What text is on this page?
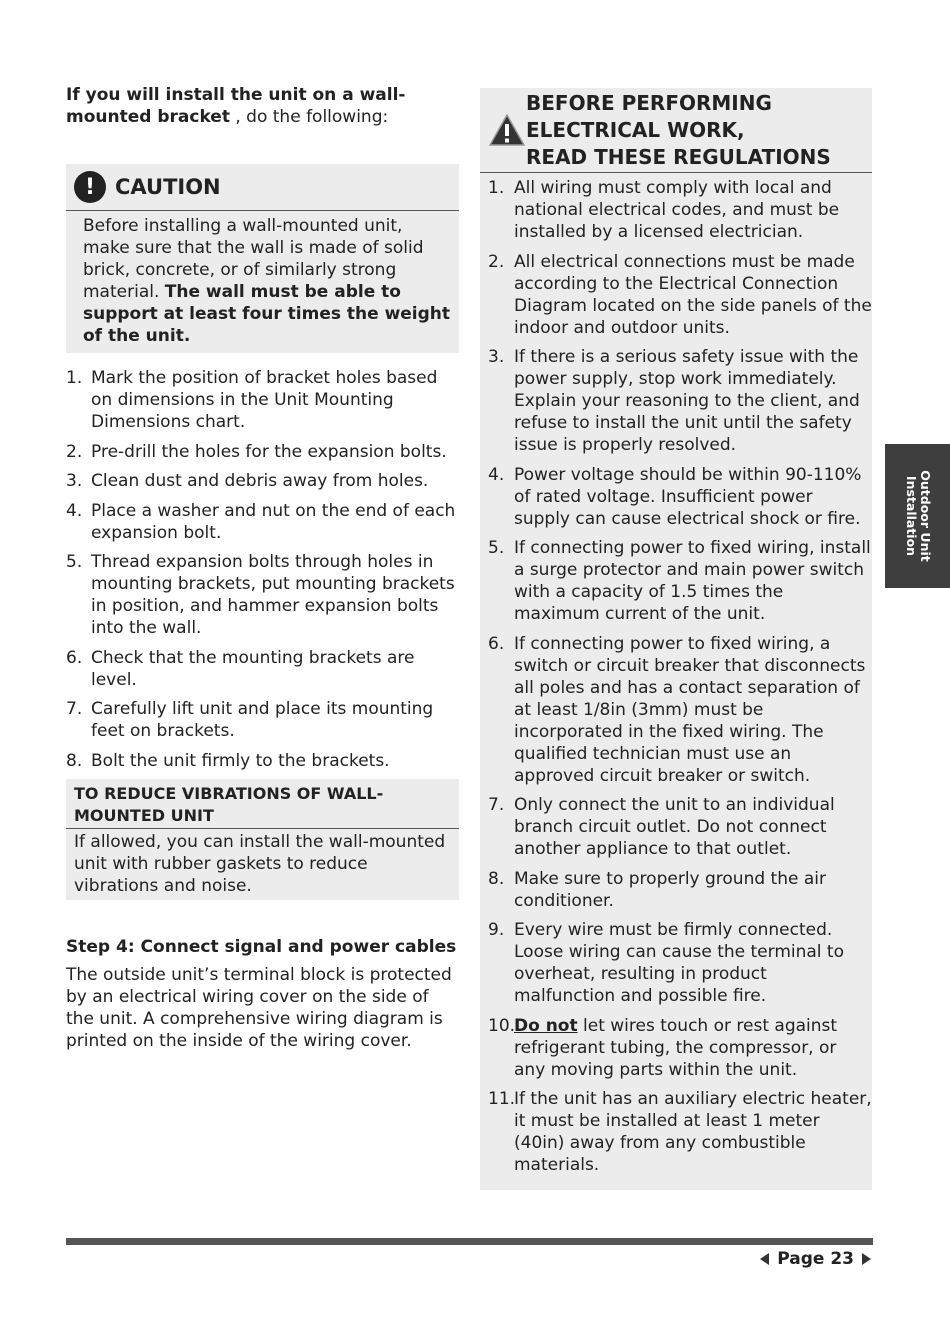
If you will install the unit on a wall-mounted bracket , do the following:

! CAUTION
Before installing a wall-mounted unit, make sure that the wall is made of solid brick, concrete, or of similarly strong material. The wall must be able to support at least four times the weight of the unit.
1. Mark the position of bracket holes based on dimensions in the Unit Mounting Dimensions chart.
2. Pre-drill the holes for the expansion bolts.
3. Clean dust and debris away from holes.
4. Place a washer and nut on the end of each expansion bolt.
5. Thread expansion bolts through holes in mounting brackets, put mounting brackets in position, and hammer expansion bolts into the wall.
6. Check that the mounting brackets are level.
7. Carefully lift unit and place its mounting feet on brackets.
8. Bolt the unit firmly to the brackets.
TO REDUCE VIBRATIONS OF WALL-MOUNTED UNIT
If allowed, you can install the wall-mounted unit with rubber gaskets to reduce vibrations and noise.
Step 4: Connect signal and power cables
The outside unit’s terminal block is protected by an electrical wiring cover on the side of the unit. A comprehensive wiring diagram is printed on the inside of the wiring cover.
BEFORE PERFORMING
ELECTRICAL WORK,
READ THESE REGULATIONS
1. All wiring must comply with local and national electrical codes, and must be installed by a licensed electrician.
2. All electrical connections must be made according to the Electrical Connection Diagram located on the side panels of the indoor and outdoor units.
3. If there is a serious safety issue with the power supply, stop work immediately. Explain your reasoning to the client, and refuse to install the unit until the safety issue is properly resolved.
4. Power voltage should be within 90-110% of rated voltage. Insufficient power supply can cause electrical shock or fire.
5. If connecting power to fixed wiring, install a surge protector and main power switch with a capacity of 1.5 times the maximum current of the unit.
6. If connecting power to fixed wiring, a switch or circuit breaker that disconnects all poles and has a contact separation of at least 1/8in (3mm) must be incorporated in the fixed wiring. The qualified technician must use an approved circuit breaker or switch.
7. Only connect the unit to an individual branch circuit outlet. Do not connect another appliance to that outlet.
8. Make sure to properly ground the air conditioner.
9. Every wire must be firmly connected. Loose wiring can cause the terminal to overheat, resulting in product malfunction and possible fire.
10.
Do not let wires touch or rest against refrigerant tubing, the compressor, or any moving parts within the unit.
11.
If the unit has an auxiliary electric heater, it must be installed at least 1 meter (40in) away from any combustible materials.
Outdoor Unit
Installation
Page 23
